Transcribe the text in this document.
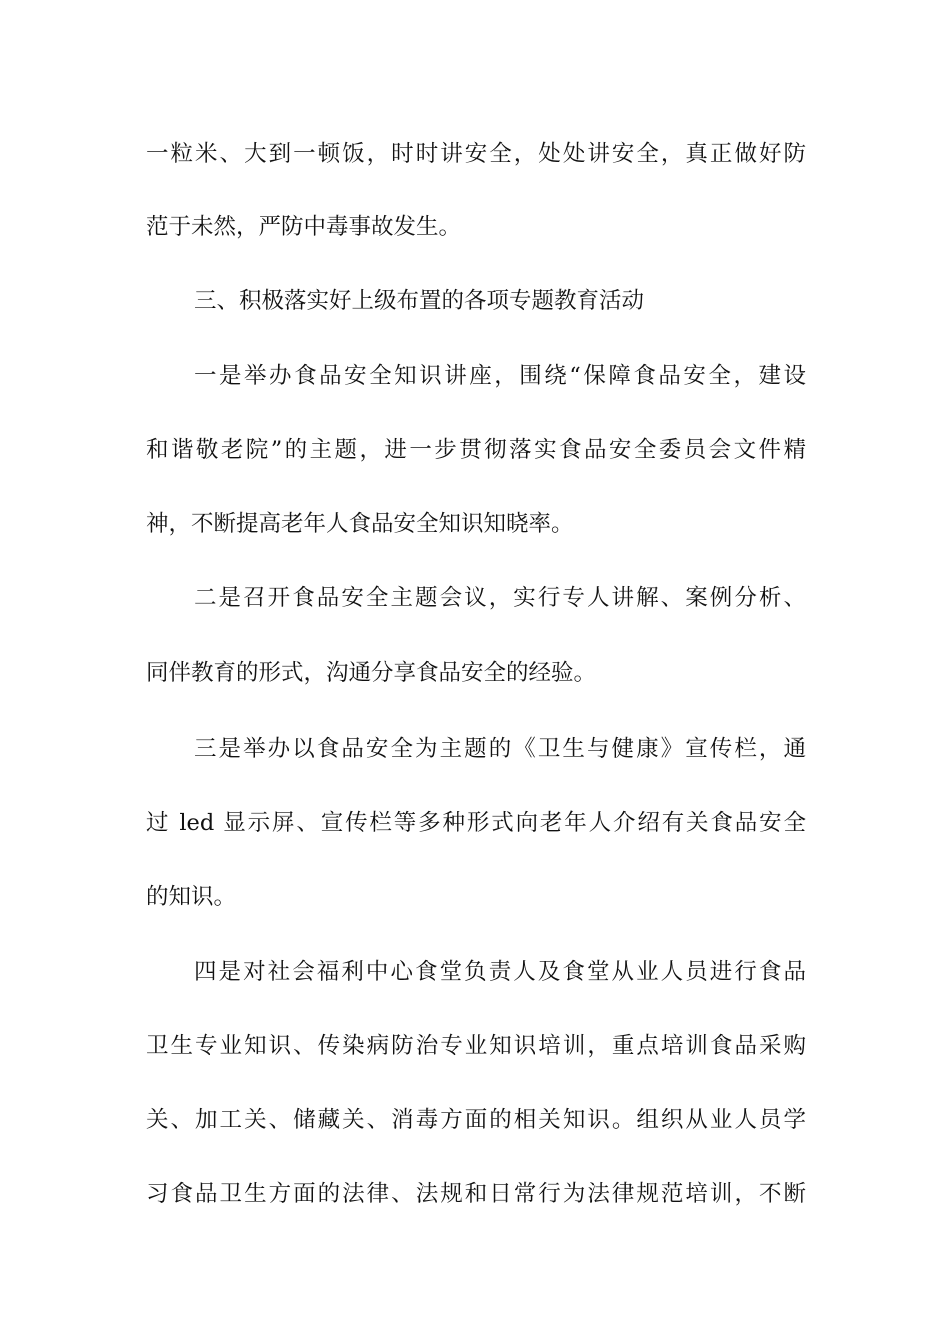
一粒米、大到一顿饭，时时讲安全，处处讲安全，真正做好防
范于未然，严防中毒事故发生。
三、积极落实好上级布置的各项专题教育活动
一是举办食品安全知识讲座，围绕“保障食品安全，建设
和谐敬老院”的主题，进一步贯彻落实食品安全委员会文件精
神，不断提高老年人食品安全知识知晓率。
二是召开食品安全主题会议，实行专人讲解、案例分析、
同伴教育的形式，沟通分享食品安全的经验。
三是举办以食品安全为主题的《卫生与健康》宣传栏，通
过 led 显示屏、宣传栏等多种形式向老年人介绍有关食品安全
的知识。
四是对社会福利中心食堂负责人及食堂从业人员进行食品
卫生专业知识、传染病防治专业知识培训，重点培训食品采购
关、加工关、储藏关、消毒方面的相关知识。组织从业人员学
习食品卫生方面的法律、法规和日常行为法律规范培训，不断
